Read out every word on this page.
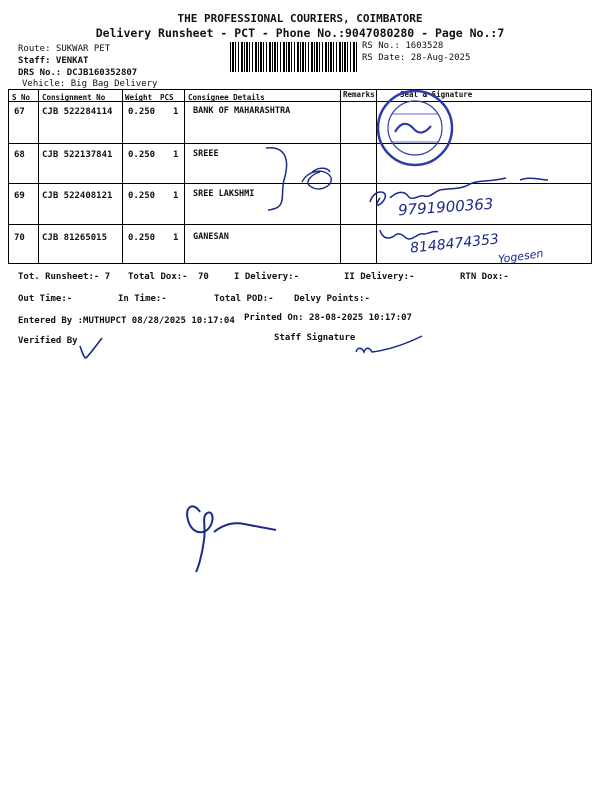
THE PROFESSIONAL COURIERS, COIMBATORE
Delivery Runsheet - PCT - Phone No.:9047080280 - Page No.:7
Route: SUKWAR PET
Staff: VENKAT
DRS No.: DCJB160352807
Vehicle: Big Bag Delivery
RS No.: 1603528
RS Date: 28-Aug-2025
S No Consignment No	Weight PCS Consignee Details	Remarks	Seal & Signature
67 CJB 522284114 0.250 1 BANK OF MAHARASHTRA
68 CJB 522137841 0.250 1 SREEE
69 CJB 522408121 0.250 1 SREE LAKSHMI
70 CJB 81265015 0.250 1 GANESAN
9791900363
8148474353
Yogesen
Tot. Runsheet:- 7 Total Dox:- 70	I Delivery:-	II Delivery:-	RTN Dox:-
Out Time:-	In Time:-	Total POD:- Delvy Points:-
Entered By :MUTHUPCT 08/28/2025 10:17:04 Printed On: 28-08-2025 10:17:07
Verified By	Staff Signature
